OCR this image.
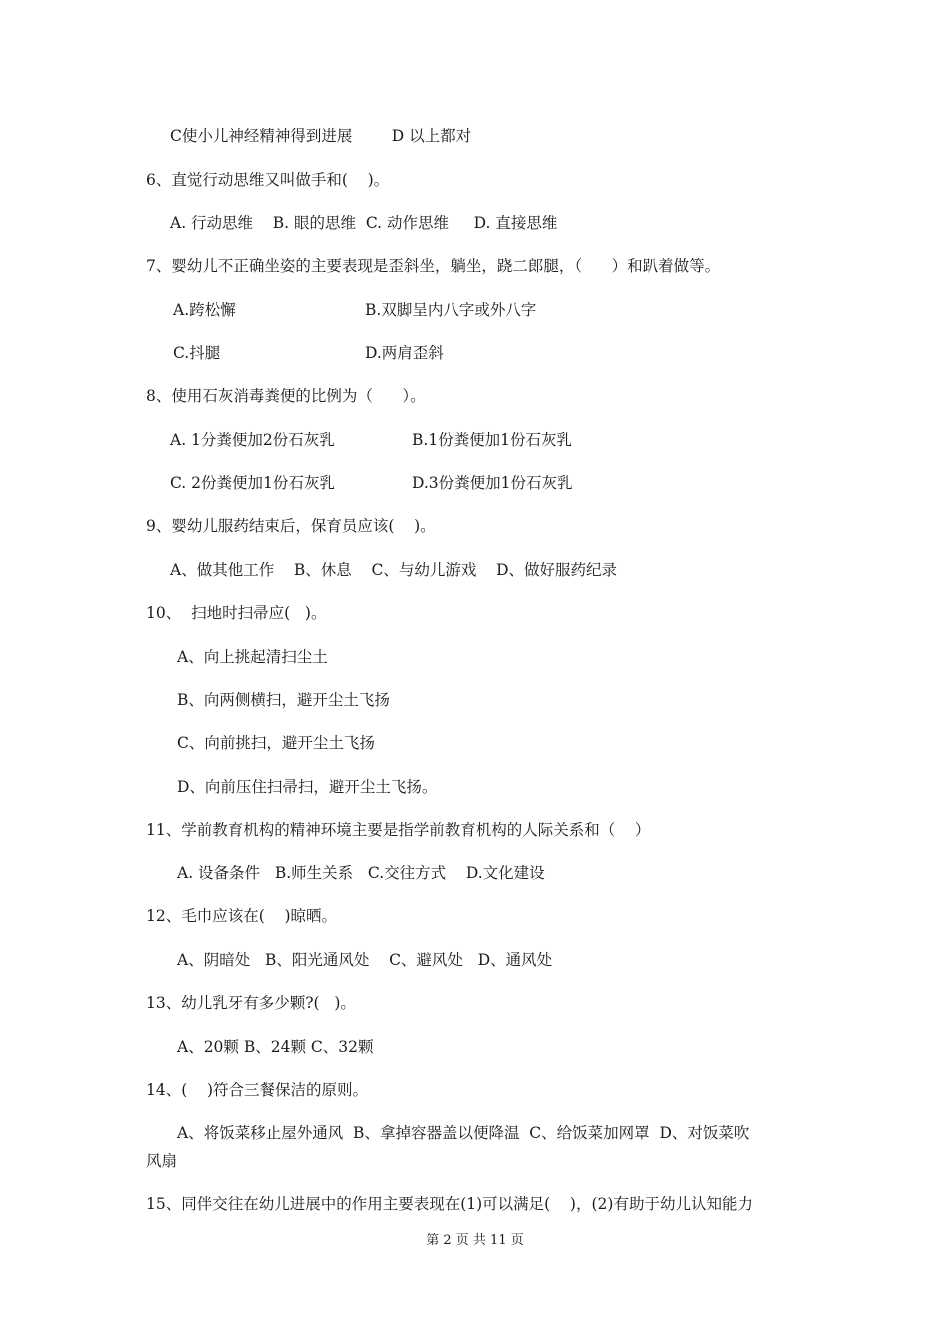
C使小儿神经精神得到进展        D 以上都对
6、直觉行动思维又叫做手和(    )。
A. 行动思维    B. 眼的思维  C. 动作思维     D. 直接思维
7、婴幼儿不正确坐姿的主要表现是歪斜坐，躺坐，跷二郎腿，（      ）和趴着做等。
A.跨松懈	B.双脚呈内八字或外八字
C.抖腿	D.两肩歪斜
8、使用石灰消毒粪便的比例为（      ）。
A. 1分粪便加2份石灰乳	B.1份粪便加1份石灰乳
C. 2份粪便加1份石灰乳	D.3份粪便加1份石灰乳
9、婴幼儿服药结束后，保育员应该(    )。
A、做其他工作    B、休息    C、与幼儿游戏    D、做好服药纪录
10、  扫地时扫帚应(   )。
A、向上挑起清扫尘土
B、向两侧横扫，避开尘土飞扬
C、向前挑扫，避开尘土飞扬
D、向前压住扫帚扫，避开尘土飞扬。
11、学前教育机构的精神环境主要是指学前教育机构的人际关系和（    ）
A. 设备条件   B.师生关系   C.交往方式    D.文化建设
12、毛巾应该在(    )晾晒。
A、阴暗处   B、阳光通风处    C、避风处   D、通风处
13、幼儿乳牙有多少颗?(   )。
A、20颗 B、24颗 C、32颗
14、(    )符合三餐保洁的原则。
A、将饭菜移止屋外通风  B、拿掉容器盖以便降温  C、给饭菜加网罩  D、对饭菜吹
风扇
15、同伴交往在幼儿进展中的作用主要表现在(1)可以满足(    )，(2)有助于幼儿认知能力
第 2 页 共 11 页
